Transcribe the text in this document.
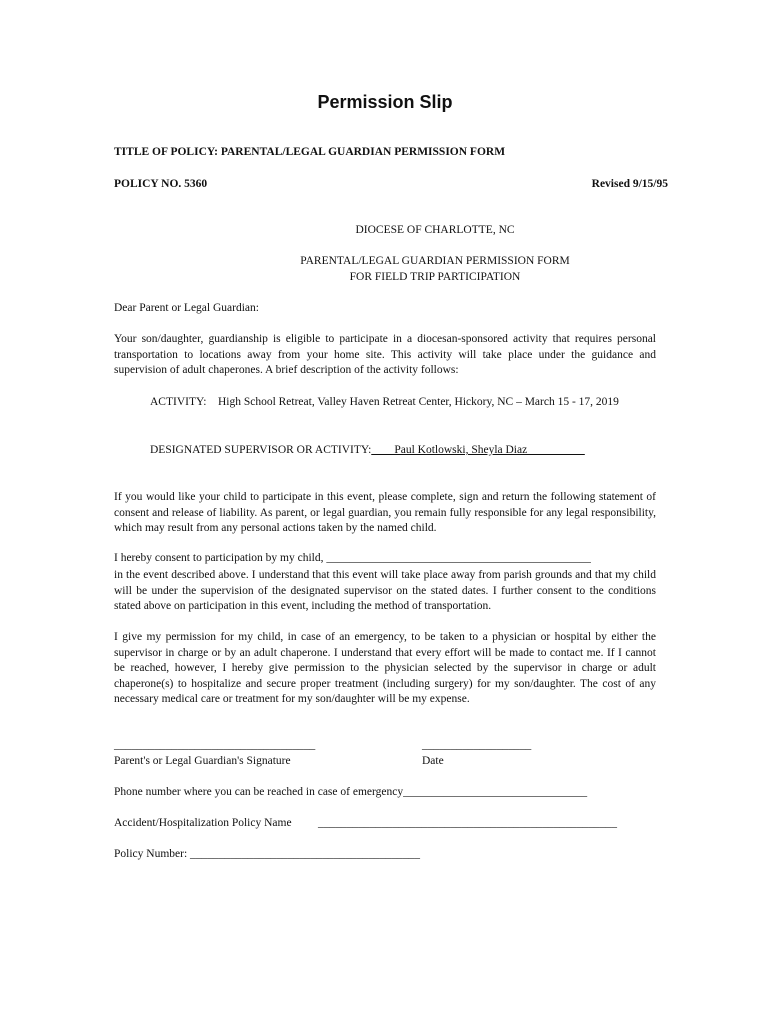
Permission Slip
TITLE OF POLICY: PARENTAL/LEGAL GUARDIAN PERMISSION FORM
POLICY NO. 5360	Revised 9/15/95
DIOCESE OF CHARLOTTE, NC
PARENTAL/LEGAL GUARDIAN PERMISSION FORM
FOR FIELD TRIP PARTICIPATION
Dear Parent or Legal Guardian:
Your son/daughter, guardianship is eligible to participate in a diocesan-sponsored activity that requires personal transportation to locations away from your home site. This activity will take place under the guidance and supervision of adult chaperones. A brief description of the activity follows:
ACTIVITY: High School Retreat, Valley Haven Retreat Center, Hickory, NC – March 15 - 17, 2019
DESIGNATED SUPERVISOR OR ACTIVITY:____Paul Kotlowski, Sheyla Diaz__________
If you would like your child to participate in this event, please complete, sign and return the following statement of consent and release of liability. As parent, or legal guardian, you remain fully responsible for any legal responsibility, which may result from any personal actions taken by the named child.
I hereby consent to participation by my child, ______________________________________________
in the event described above. I understand that this event will take place away from parish grounds and that my child will be under the supervision of the designated supervisor on the stated dates. I further consent to the conditions stated above on participation in this event, including the method of transportation.
I give my permission for my child, in case of an emergency, to be taken to a physician or hospital by either the supervisor in charge or by an adult chaperone. I understand that every effort will be made to contact me. If I cannot be reached, however, I hereby give permission to the physician selected by the supervisor in charge or adult chaperone(s) to hospitalize and secure proper treatment (including surgery) for my son/daughter. The cost of any necessary medical care or treatment for my son/daughter will be my expense.
___________________________________
Parent's or Legal Guardian's Signature
___________________
Date
Phone number where you can be reached in case of emergency________________________________
Accident/Hospitalization Policy Name ____________________________________________________
Policy Number: ________________________________________
